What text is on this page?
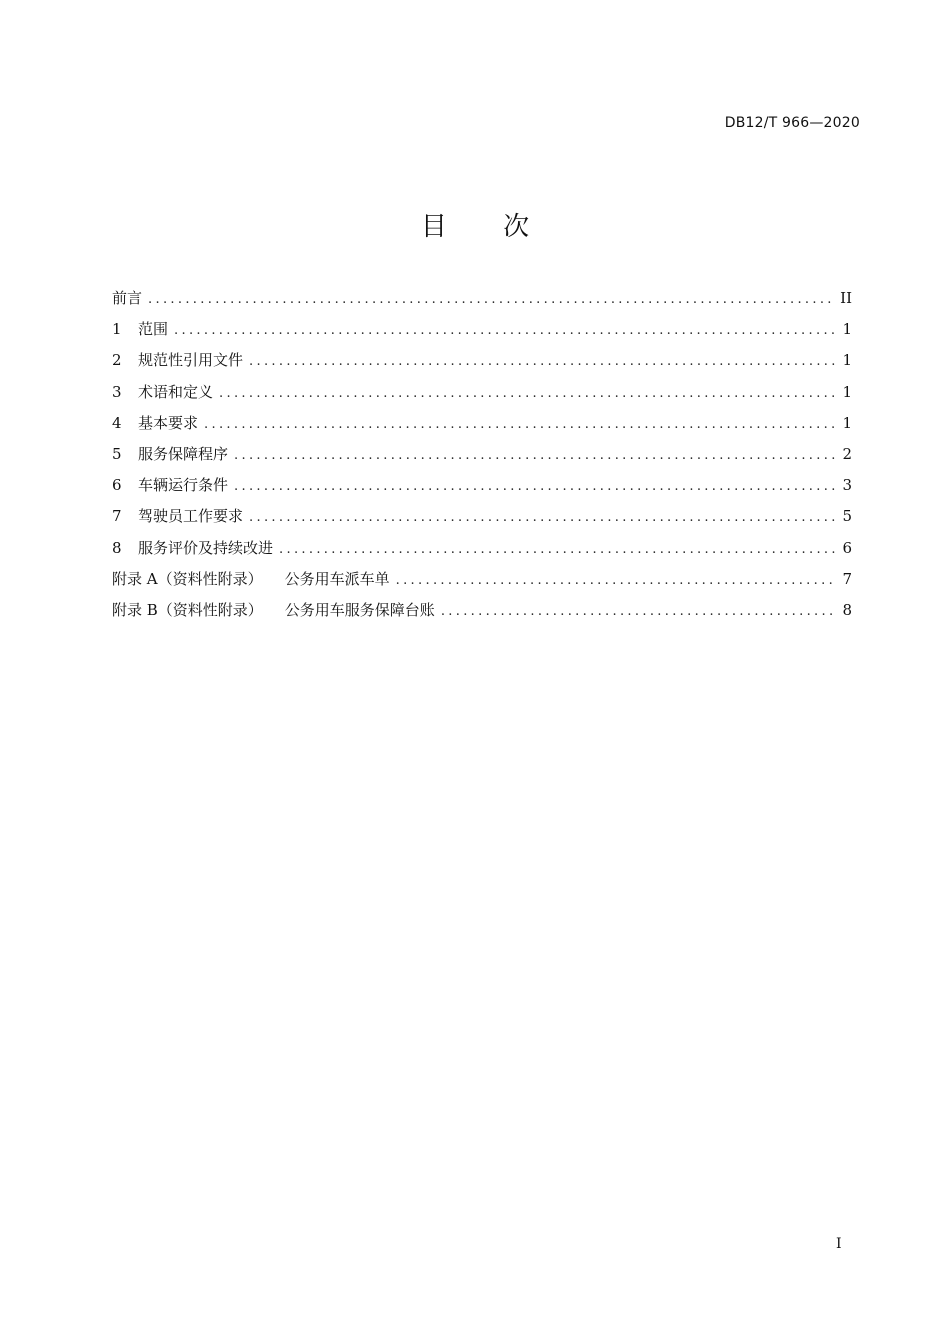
DB12/T 966—2020
目 次
前言 . . .	II
1	范围 . . .	1
2	规范性引用文件 . . .	1
3	术语和定义 . . .	1
4	基本要求 . . .	1
5	服务保障程序 . . .	2
6	车辆运行条件 . . .	3
7	驾驶员工作要求 . . .	5
8	服务评价及持续改进 . . .	6
附录 A（资料性附录）	公务用车派车单 . . .	7
附录 B（资料性附录）	公务用车服务保障台账 . . .	8
I
